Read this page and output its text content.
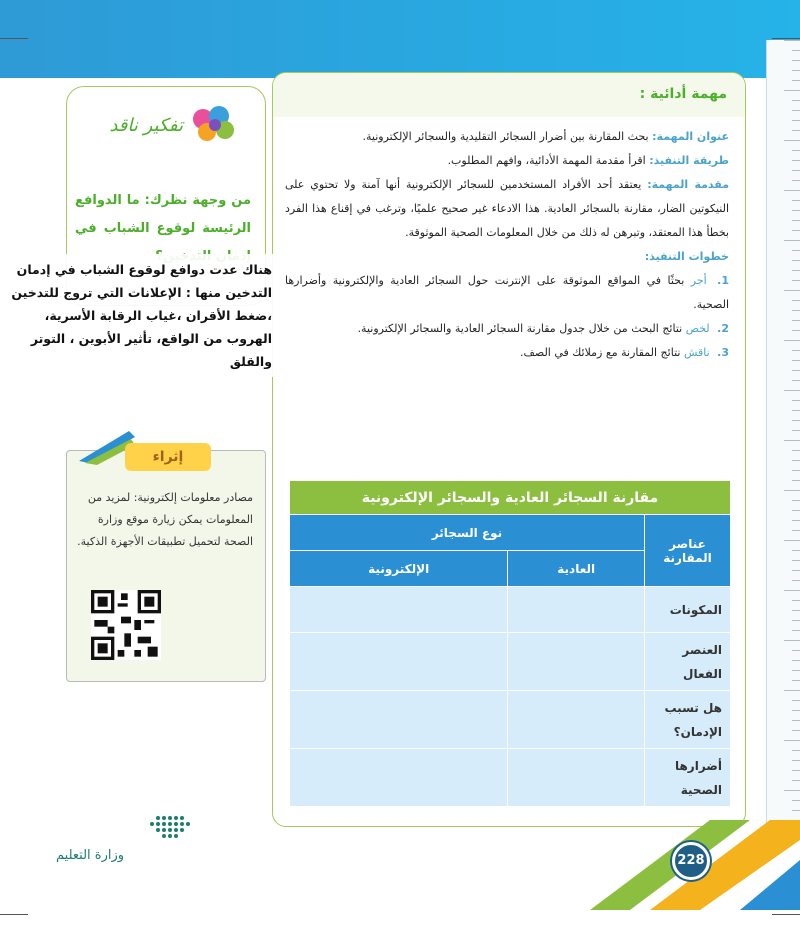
مهمة أدائية :

عنوان المهمة: بحث المقارنة بين أضرار السجائر التقليدية والسجائر الإلكترونية.

طريقة التنفيذ: اقرأ مقدمة المهمة الأدائية، وافهم المطلوب.

مقدمة المهمة: يعتقد أحد الأفراد المستخدمين للسجائر الإلكترونية أنها آمنة ولا تحتوي على النيكوتين الضار، مقارنة بالسجائر العادية. هذا الادعاء غير صحيح علميًا، وترغب في إقناع هذا الفرد بخطأ هذا المعتقد، وتبرهن له ذلك من خلال المعلومات الصحية الموثوقة.

خطوات التنفيذ:

1. أجر بحثًا في المواقع الموثوقة على الإنترنت حول السجائر العادية والإلكترونية وأضرارها الصحية.
2. لخص نتائج البحث من خلال جدول مقارنة السجائر العادية والسجائر الإلكترونية.
3. ناقش نتائج المقارنة مع زملائك في الصف.
مقارنة السجائر العادية والسجائر الإلكترونية		
عناصر المقارنة	نوع السجائر	
	العادية	الإلكترونية
المكونات		
العنصر الفعال		
هل تسبب الإدمان؟		
أضرارها الصحية		
تفكير ناقد
من وجهة نظرك: ما الدوافع الرئيسة لوقوع الشباب في
هناك عدت دوافع لوقوع الشباب في إدمان التدخين منها : الإعلانات التي تروج للتدخين ،ضغط الأقران ،غياب الرقابة الأسرية، الهروب من الواقع، تأثير الأبوين ، التوتر والقلق
إثراء
مصادر معلومات إلكترونية: لمزيد من المعلومات يمكن زيارة موقع وزارة الصحة لتحميل تطبيقات الأجهزة الذكية.
وزارة التعليم	228
